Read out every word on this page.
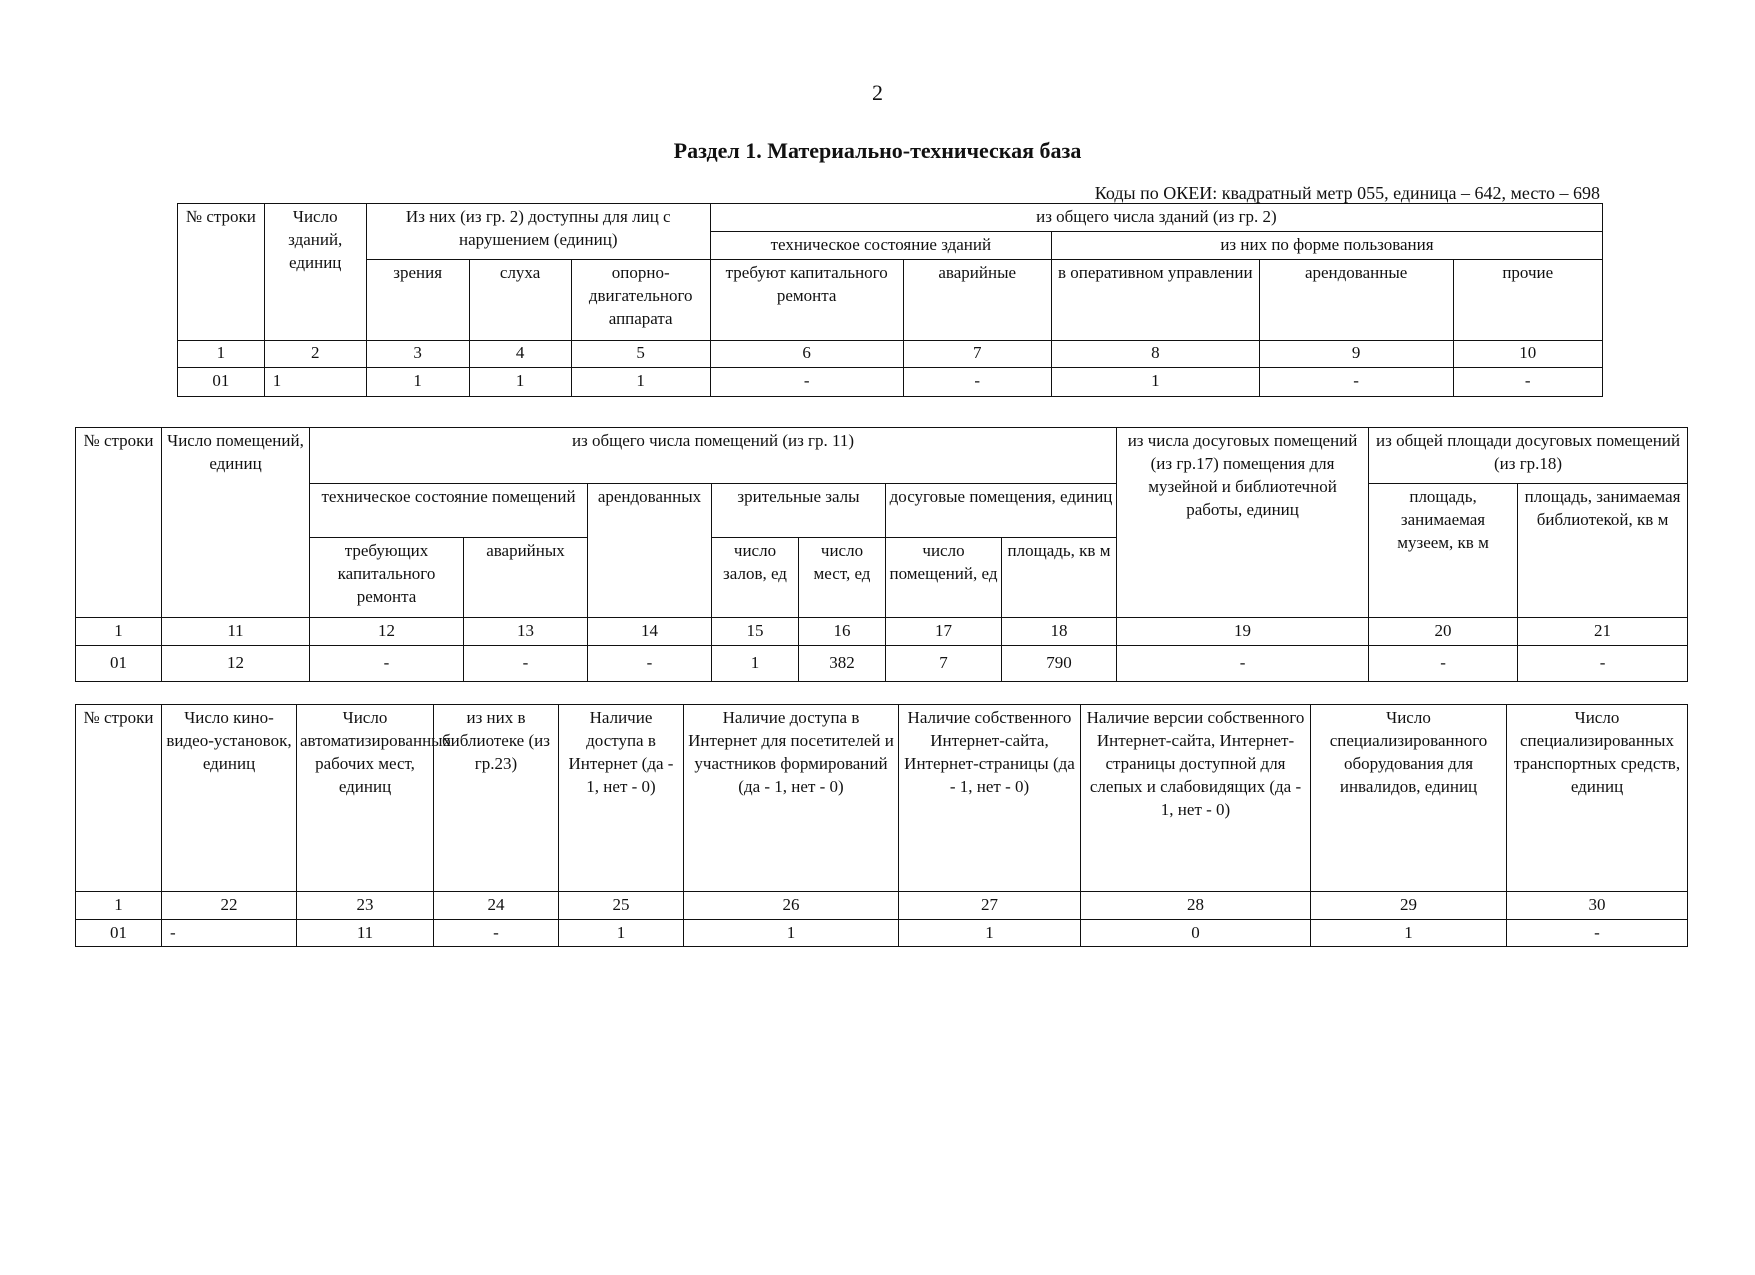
2
Раздел 1. Материально-техническая база
Коды по ОКЕИ: квадратный метр 055, единица – 642, место – 698
№ строки	Число зданий, единиц	Из них (из гр. 2) доступны для лиц с нарушением (единиц)			из общего числа зданий (из гр. 2)				
					техническое состояние зданий		из них по форме пользования		
		зрения	слуха	опорно-двигательного аппарата	требуют капитального ремонта	аварийные	в оперативном управлении	арендованные	прочие
1	2	3	4	5	6	7	8	9	10
01	1	1	1	1	-	-	1	-	-
№ строки	Число помещений, единиц	из общего числа помещений (из гр. 11)							из числа досуговых помещений (из гр.17) помещения для музейной и библиотечной работы, единиц	из общей площади досуговых помещений (из гр.18)	
		техническое состояние помещений		арендованных	зрительные залы		досуговые помещения, единиц			площадь, занимаемая музеем, кв м	площадь, занимаемая библиотекой, кв м
		требующих капитального ремонта	аварийных		число залов, ед	число мест, ед	число помещений, ед	площадь, кв м			
1	11	12	13	14	15	16	17	18	19	20	21
01	12	-	-	-	1	382	7	790	-	-	-
№ строки	Число кино-видео-установок, единиц	Число автоматизированных рабочих мест, единиц	из них в библиотеке (из гр.23)	Наличие доступа в Интернет (да - 1, нет - 0)	Наличие доступа в Интернет для посетителей и участников формирований (да - 1, нет - 0)	Наличие собственного Интернет-сайта, Интернет-страницы (да - 1, нет - 0)	Наличие версии собственного Интернет-сайта, Интернет-страницы доступной для слепых и слабовидящих (да - 1, нет - 0)	Число специализированного оборудования для инвалидов, единиц	Число специализированных транспортных средств, единиц
1	22	23	24	25	26	27	28	29	30
01	-	11	-	1	1	1	0	1	-
